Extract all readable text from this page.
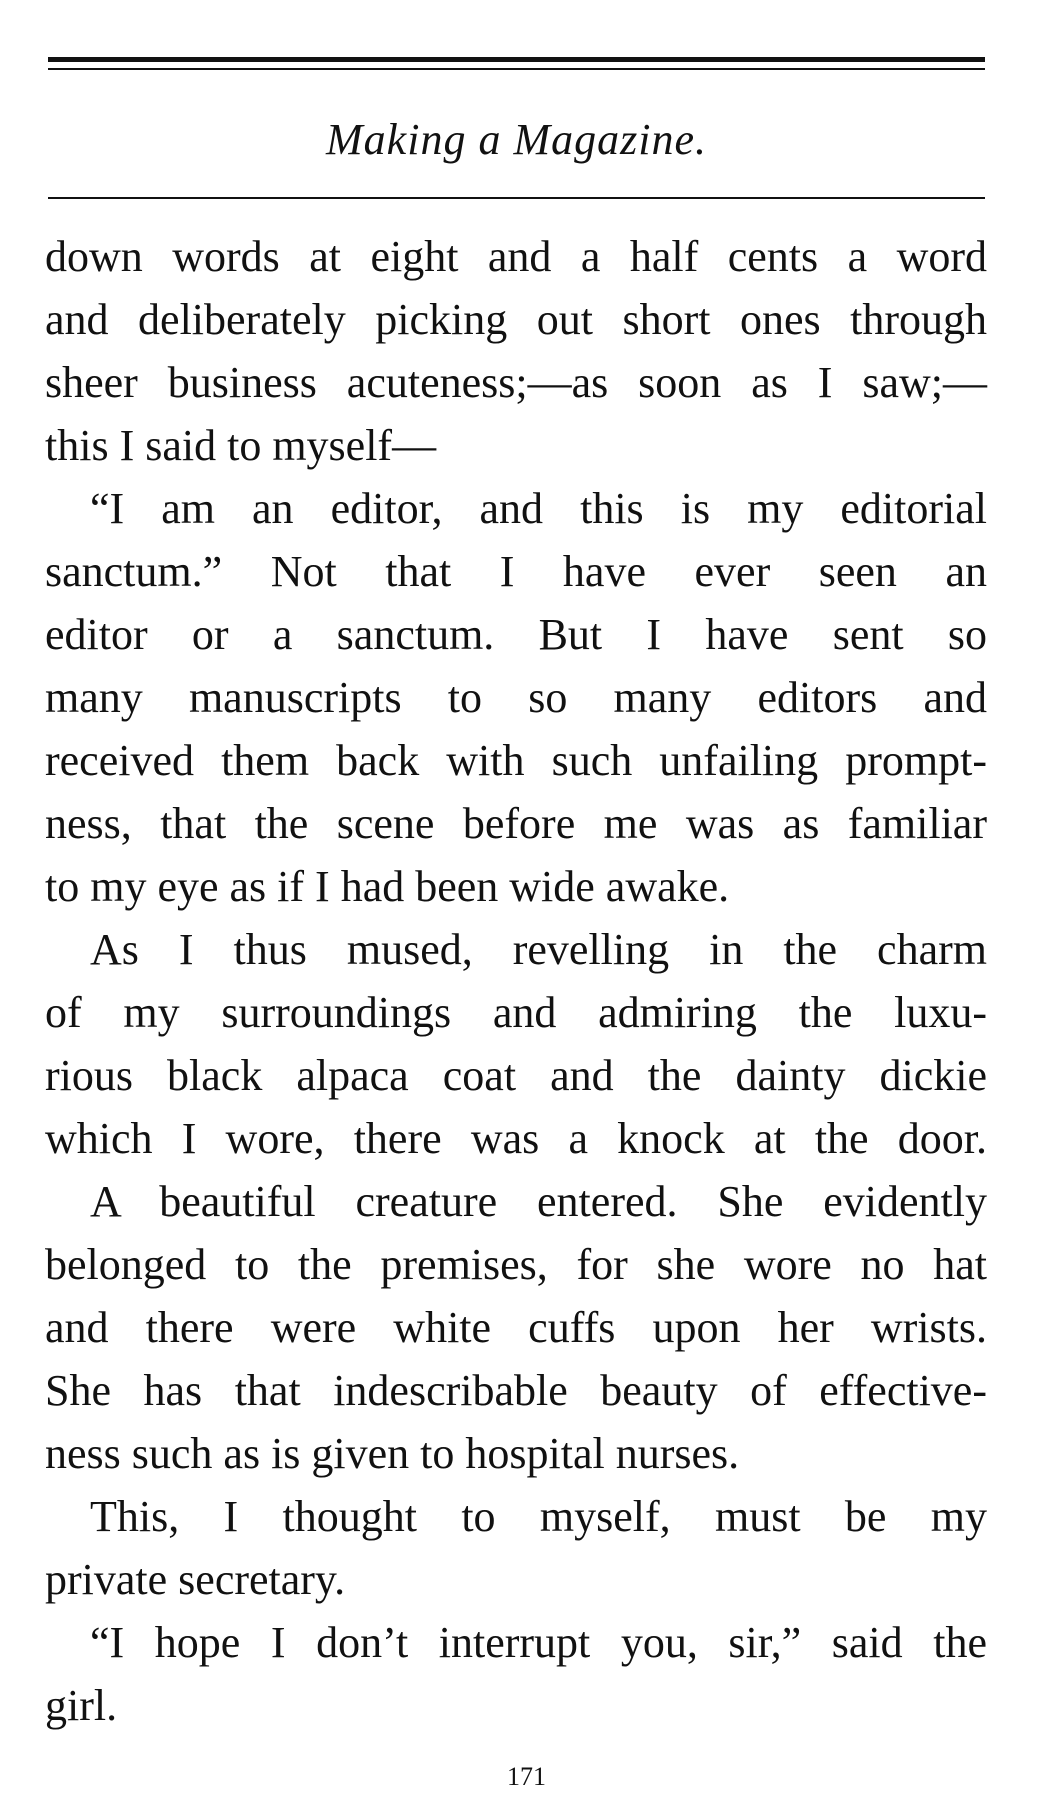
Making a Magazine.
down words at eight and a half cents a word
and deliberately picking out short ones through
sheer business acuteness;—as soon as I saw;—
this I said to myself—
“I am an editor, and this is my editorial
sanctum.” Not that I have ever seen an
editor or a sanctum. But I have sent so
many manuscripts to so many editors and
received them back with such unfailing prompt-
ness, that the scene before me was as familiar
to my eye as if I had been wide awake.
As I thus mused, revelling in the charm
of my surroundings and admiring the luxu-
rious black alpaca coat and the dainty dickie
which I wore, there was a knock at the door.
A beautiful creature entered. She evidently
belonged to the premises, for she wore no hat
and there were white cuffs upon her wrists.
She has that indescribable beauty of effective-
ness such as is given to hospital nurses.
This, I thought to myself, must be my
private secretary.
“I hope I don’t interrupt you, sir,” said the
girl.
171
